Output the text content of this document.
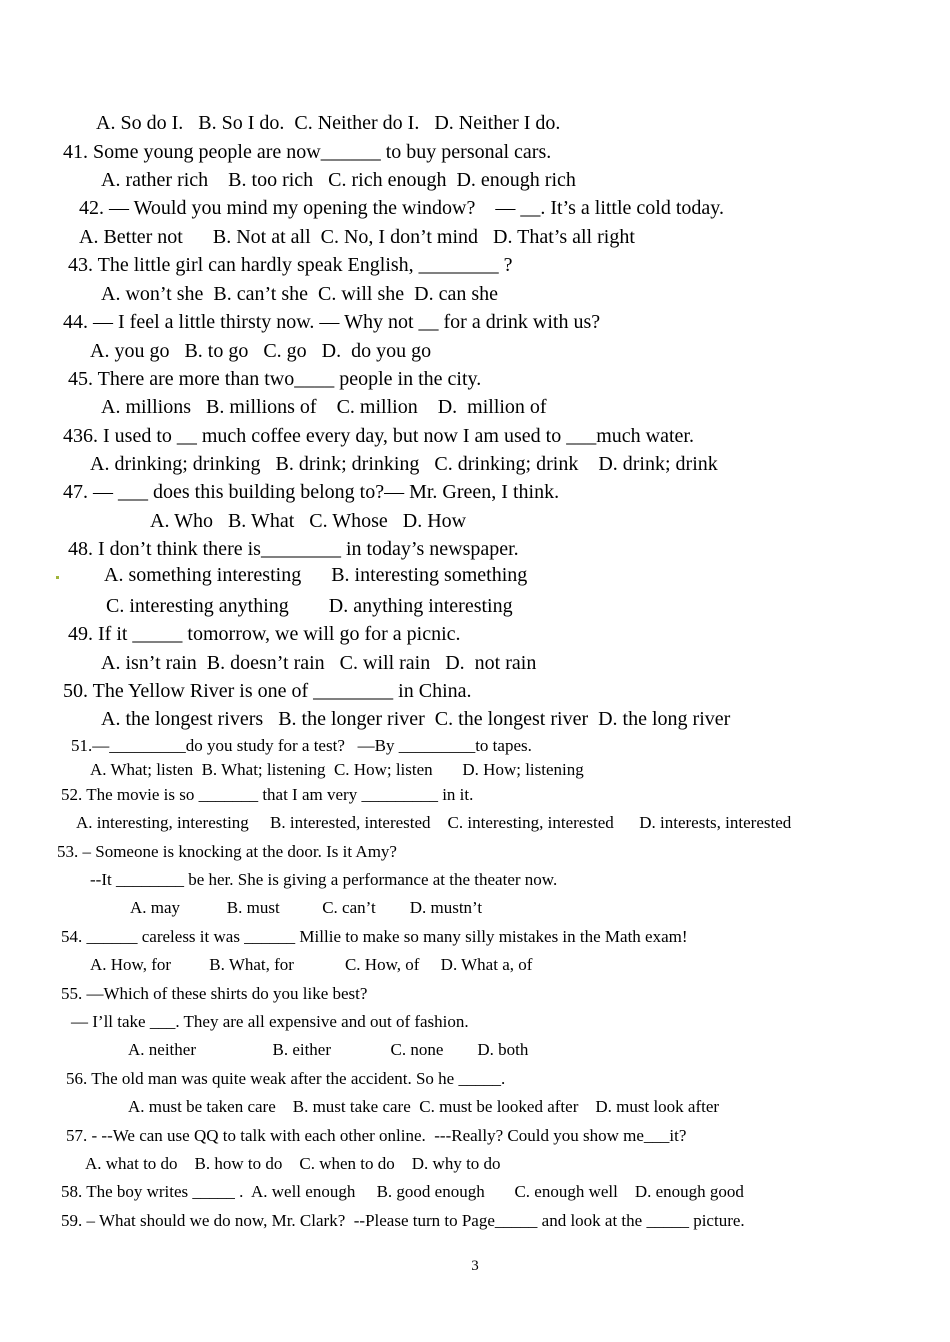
A. So do I.   B. So I do.  C. Neither do I.   D. Neither I do.

41. Some young people are now______ to buy personal cars.

A. rather rich    B. too rich   C. rich enough  D. enough rich

42. — Would you mind my opening the window?    — __. It’s a little cold today.

A. Better not      B. Not at all  C. No, I don’t mind   D. That’s all right

43. The little girl can hardly speak English, ________ ?

A. won’t she  B. can’t she  C. will she  D. can she

44. — I feel a little thirsty now. — Why not __ for a drink with us?

A. you go   B. to go   C. go   D.  do you go

45. There are more than two____ people in the city.

A. millions   B. millions of    C. million    D.  million of

436. I used to __ much coffee every day, but now I am used to ___much water.

A. drinking; drinking   B. drink; drinking   C. drinking; drink    D. drink; drink

47. — ___ does this building belong to?— Mr. Green, I think.

A. Who   B. What   C. Whose   D. How

48. I don’t think there is________ in today’s newspaper.

A. something interesting      B. interesting something

C. interesting anything        D. anything interesting

49. If it _____ tomorrow, we will go for a picnic.

A. isn’t rain  B. doesn’t rain   C. will rain   D.  not rain

50. The Yellow River is one of ________ in China.

A. the longest rivers   B. the longer river  C. the longest river  D. the long river

51.—_________do you study for a test?   —By _________to tapes.

A. What; listen  B. What; listening  C. How; listen       D. How; listening

52. The movie is so _______ that I am very _________ in it.

A. interesting, interesting     B. interested, interested    C. interesting, interested      D. interests, interested

53. – Someone is knocking at the door. Is it Amy?

--It ________ be her. She is giving a performance at the theater now.

A. may           B. must          C. can’t        D. mustn’t

54. ______ careless it was ______ Millie to make so many silly mistakes in the Math exam!

A. How, for         B. What, for            C. How, of     D. What a, of

55. —Which of these shirts do you like best?

— I’ll take ___. They are all expensive and out of fashion.

A. neither                  B. either              C. none        D. both

56. The old man was quite weak after the accident. So he _____.

A. must be taken care    B. must take care  C. must be looked after    D. must look after

57. - --We can use QQ to talk with each other online.  ---Really? Could you show me___it?

A. what to do    B. how to do    C. when to do    D. why to do

58. The boy writes _____ .  A. well enough     B. good enough       C. enough well    D. enough good

59. – What should we do now, Mr. Clark?  --Please turn to Page_____ and look at the _____ picture.

3
